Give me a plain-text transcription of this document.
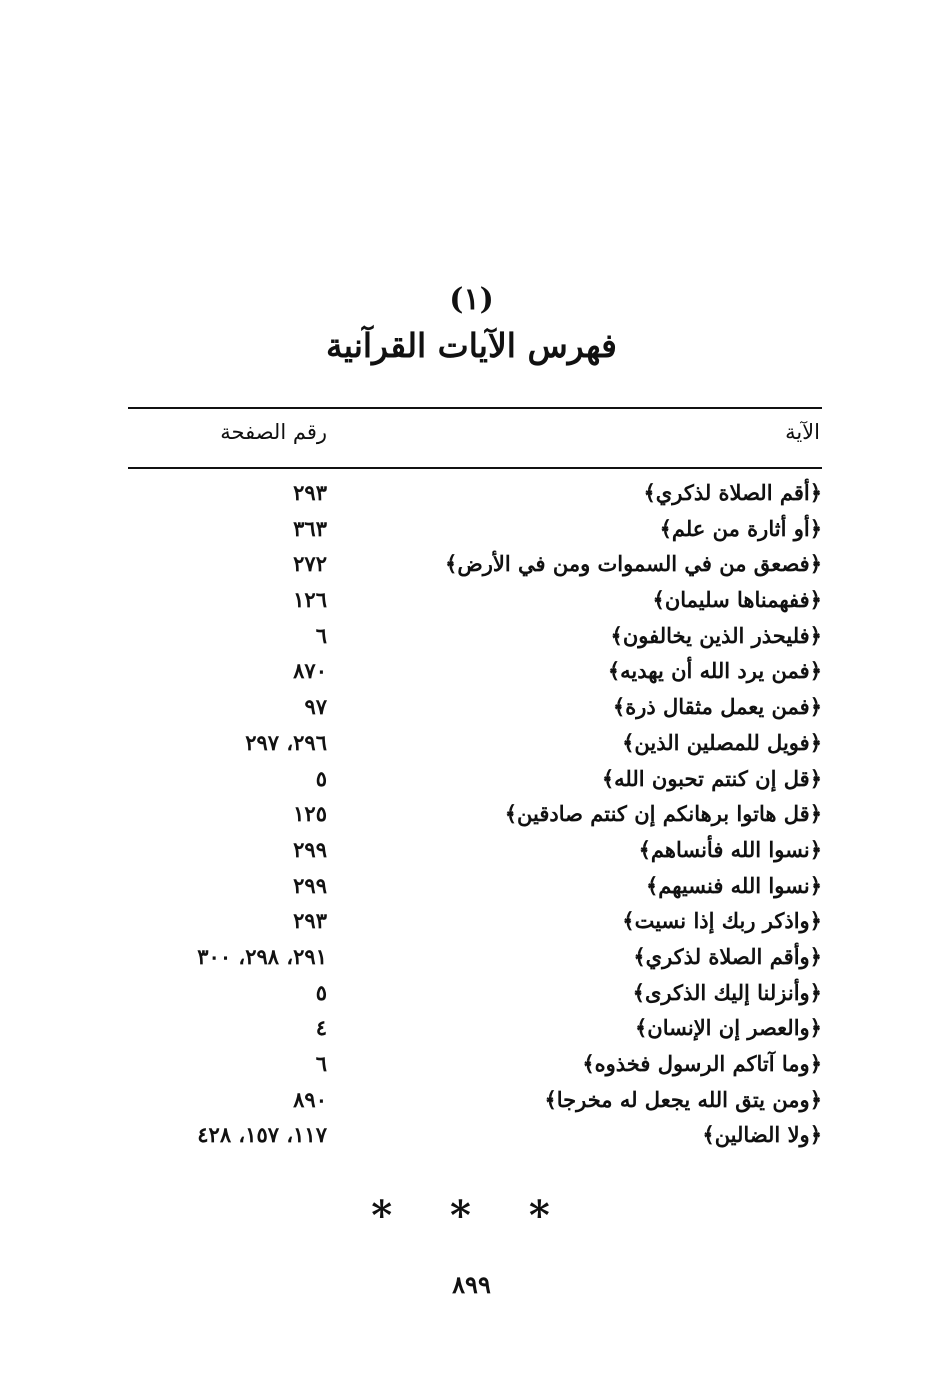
(١)
فهرس الآيات القرآنية
الآية
رقم الصفحة
﴿أقم الصلاة لذكري﴾
٢٩٣
﴿أو أثارة من علم﴾
٣٦٣
﴿فصعق من في السموات ومن في الأرض﴾
٢٧٢
﴿ففهمناها سليمان﴾
١٢٦
﴿فليحذر الذين يخالفون﴾
٦
﴿فمن يرد الله أن يهديه﴾
٨٧٠
﴿فمن يعمل مثقال ذرة﴾
٩٧
﴿فويل للمصلين الذين﴾
٢٩٦، ٢٩٧
﴿قل إن كنتم تحبون الله﴾
٥
﴿قل هاتوا برهانكم إن كنتم صادقين﴾
١٢٥
﴿نسوا الله فأنساهم﴾
٢٩٩
﴿نسوا الله فنسيهم﴾
٢٩٩
﴿واذكر ربك إذا نسيت﴾
٢٩٣
﴿وأقم الصلاة لذكري﴾
٢٩١، ٢٩٨، ٣٠٠
﴿وأنزلنا إليك الذكرى﴾
٥
﴿والعصر إن الإنسان﴾
٤
﴿وما آتاكم الرسول فخذوه﴾
٦
﴿ومن يتق الله يجعل له مخرجا﴾
٨٩٠
﴿ولا الضالين﴾
١١٧، ١٥٧، ٤٢٨
* * *
٨٩٩
